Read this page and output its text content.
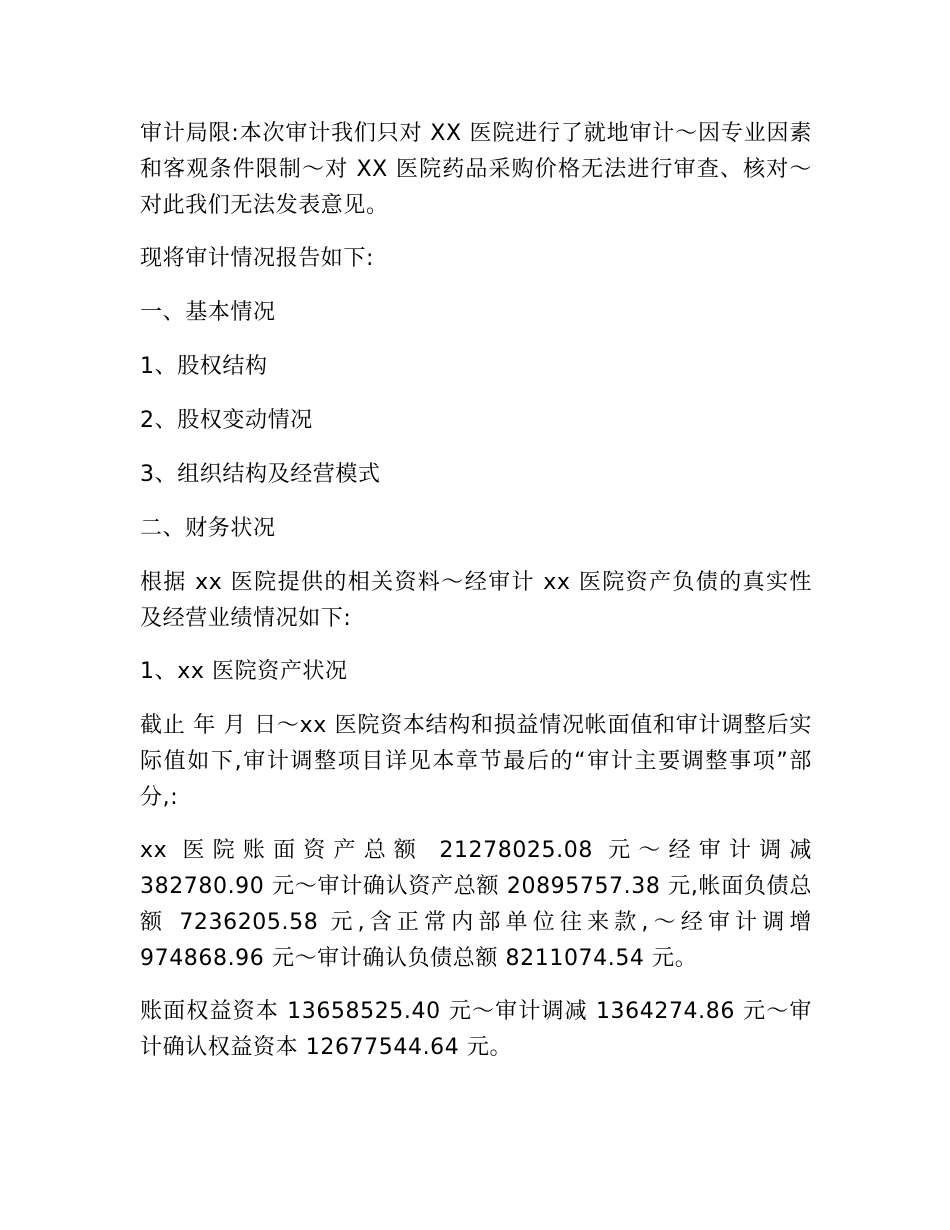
审计局限:本次审计我们只对 XX 医院进行了就地审计～因专业因素和客观条件限制～对 XX 医院药品采购价格无法进行审查、核对～对此我们无法发表意见。

现将审计情况报告如下:

一、基本情况

1、股权结构

2、股权变动情况

3、组织结构及经营模式

二、财务状况

根据 xx 医院提供的相关资料～经审计 xx 医院资产负债的真实性及经营业绩情况如下:

1、xx 医院资产状况

截止 年 月 日～xx 医院资本结构和损益情况帐面值和审计调整后实际值如下,审计调整项目详见本章节最后的“审计主要调整事项”部分,:

xx 医院账面资产总额 21278025.08 元～经审计调减 382780.90 元～审计确认资产总额 20895757.38 元,帐面负债总额 7236205.58 元,含正常内部单位往来款,～经审计调增 974868.96 元～审计确认负债总额 8211074.54 元。

账面权益资本 13658525.40 元～审计调减 1364274.86 元～审计确认权益资本 12677544.64 元。
